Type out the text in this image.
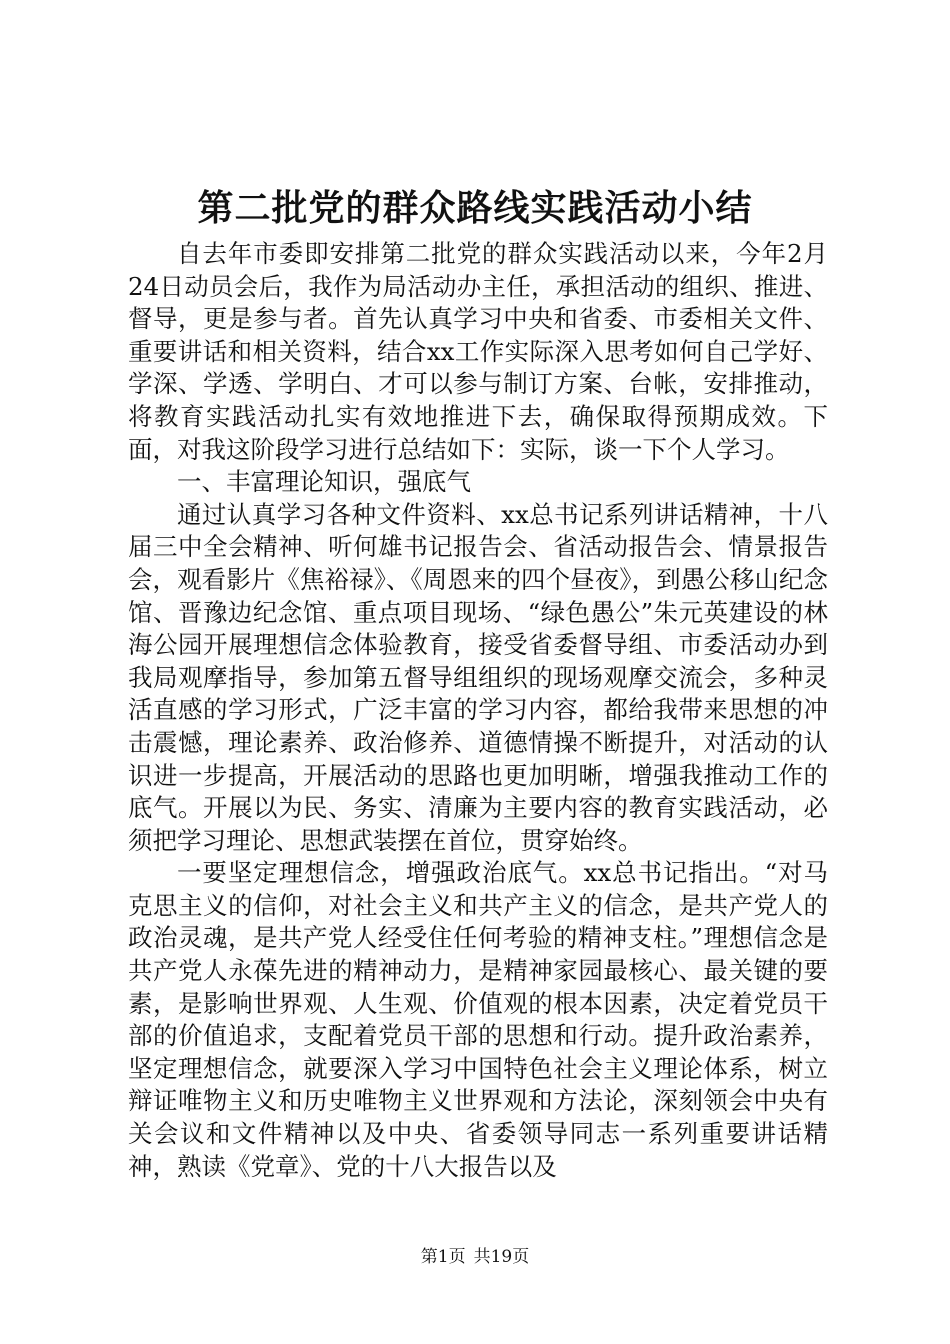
第二批党的群众路线实践活动小结

自去年市委即安排第二批党的群众实践活动以来，今年2月24日动员会后，我作为局活动办主任，承担活动的组织、推进、督导，更是参与者。首先认真学习中央和省委、市委相关文件、重要讲话和相关资料，结合xx工作实际深入思考如何自己学好、学深、学透、学明白、才可以参与制订方案、台帐，安排推动，将教育实践活动扎实有效地推进下去，确保取得预期成效。下面，对我这阶段学习进行总结如下：实际，谈一下个人学习。

一、丰富理论知识，强底气

通过认真学习各种文件资料、xx总书记系列讲话精神，十八届三中全会精神、听何雄书记报告会、省活动报告会、情景报告会，观看影片《焦裕禄》、《周恩来的四个昼夜》，到愚公移山纪念馆、晋豫边纪念馆、重点项目现场、“绿色愚公”朱元英建设的林海公园开展理想信念体验教育，接受省委督导组、市委活动办到我局观摩指导，参加第五督导组组织的现场观摩交流会，多种灵活直感的学习形式，广泛丰富的学习内容，都给我带来思想的冲击震憾，理论素养、政治修养、道德情操不断提升，对活动的认识进一步提高，开展活动的思路也更加明晰，增强我推动工作的底气。开展以为民、务实、清廉为主要内容的教育实践活动，必须把学习理论、思想武装摆在首位，贯穿始终。

一要坚定理想信念，增强政治底气。xx总书记指出。“对马克思主义的信仰，对社会主义和共产主义的信念，是共产党人的政治灵魂，是共产党人经受住任何考验的精神支柱。”理想信念是共产党人永葆先进的精神动力，是精神家园最核心、最关键的要素，是影响世界观、人生观、价值观的根本因素，决定着党员干部的价值追求，支配着党员干部的思想和行动。提升政治素养，坚定理想信念，就要深入学习中国特色社会主义理论体系，树立辩证唯物主义和历史唯物主义世界观和方法论，深刻领会中央有关会议和文件精神以及中央、省委领导同志一系列重要讲话精神，熟读《党章》、党的十八大报告以及

第1页 共19页
